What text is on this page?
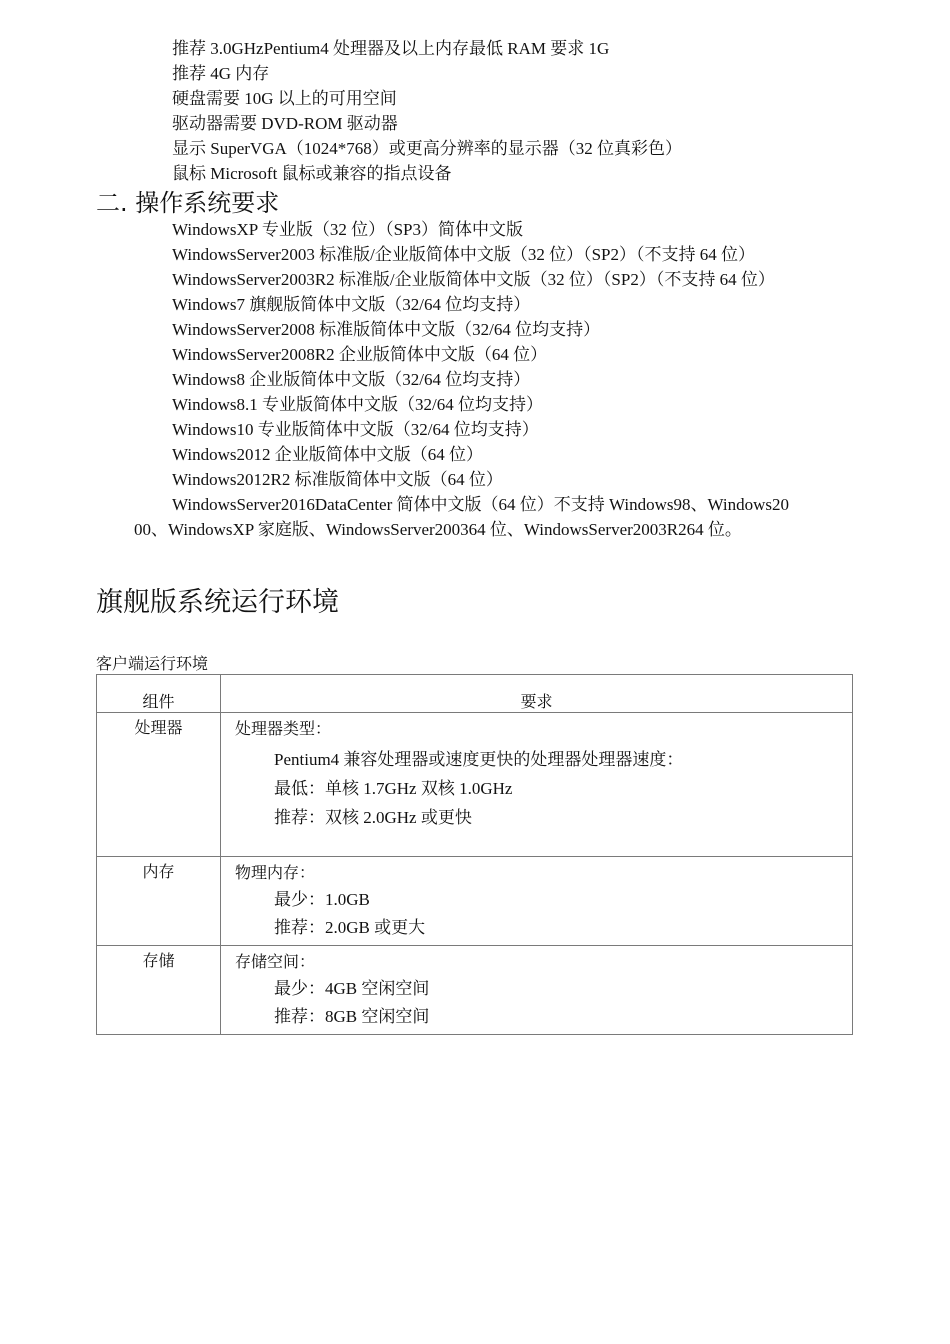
推荐 3.0GHzPentium4 处理器及以上内存最低 RAM 要求 1G
推荐 4G 内存
硬盘需要 10G 以上的可用空间
驱动器需要 DVD-ROM 驱动器
显示 SuperVGA（1024*768）或更高分辨率的显示器（32 位真彩色）
鼠标 Microsoft 鼠标或兼容的指点设备
二. 操作系统要求
WindowsXP 专业版（32 位）（SP3）简体中文版
WindowsServer2003 标准版/企业版简体中文版（32 位）（SP2）（不支持 64 位）
WindowsServer2003R2 标准版/企业版简体中文版（32 位）（SP2）（不支持 64 位）
Windows7 旗舰版简体中文版（32/64 位均支持）
WindowsServer2008 标准版简体中文版（32/64 位均支持）
WindowsServer2008R2 企业版简体中文版（64 位）
Windows8 企业版简体中文版（32/64 位均支持）
Windows8.1 专业版简体中文版（32/64 位均支持）
Windows10 专业版简体中文版（32/64 位均支持）
Windows2012 企业版简体中文版（64 位）
Windows2012R2 标准版简体中文版（64 位）
WindowsServer2016DataCenter 简体中文版（64 位）不支持 Windows98、Windows20
00、WindowsXP 家庭版、WindowsServer200364 位、WindowsServer2003R264 位。
旗舰版系统运行环境
客户端运行环境
组件	要求
处理器	处理器类型：
Pentium4 兼容处理器或速度更快的处理器处理器速度：
最低：单核 1.7GHz 双核 1.0GHz
推荐：双核 2.0GHz 或更快

内存	物理内存：
最少：1.0GB
推荐：2.0GB 或更大

存储	存储空间：
最少：4GB 空闲空间
推荐：8GB 空闲空间
